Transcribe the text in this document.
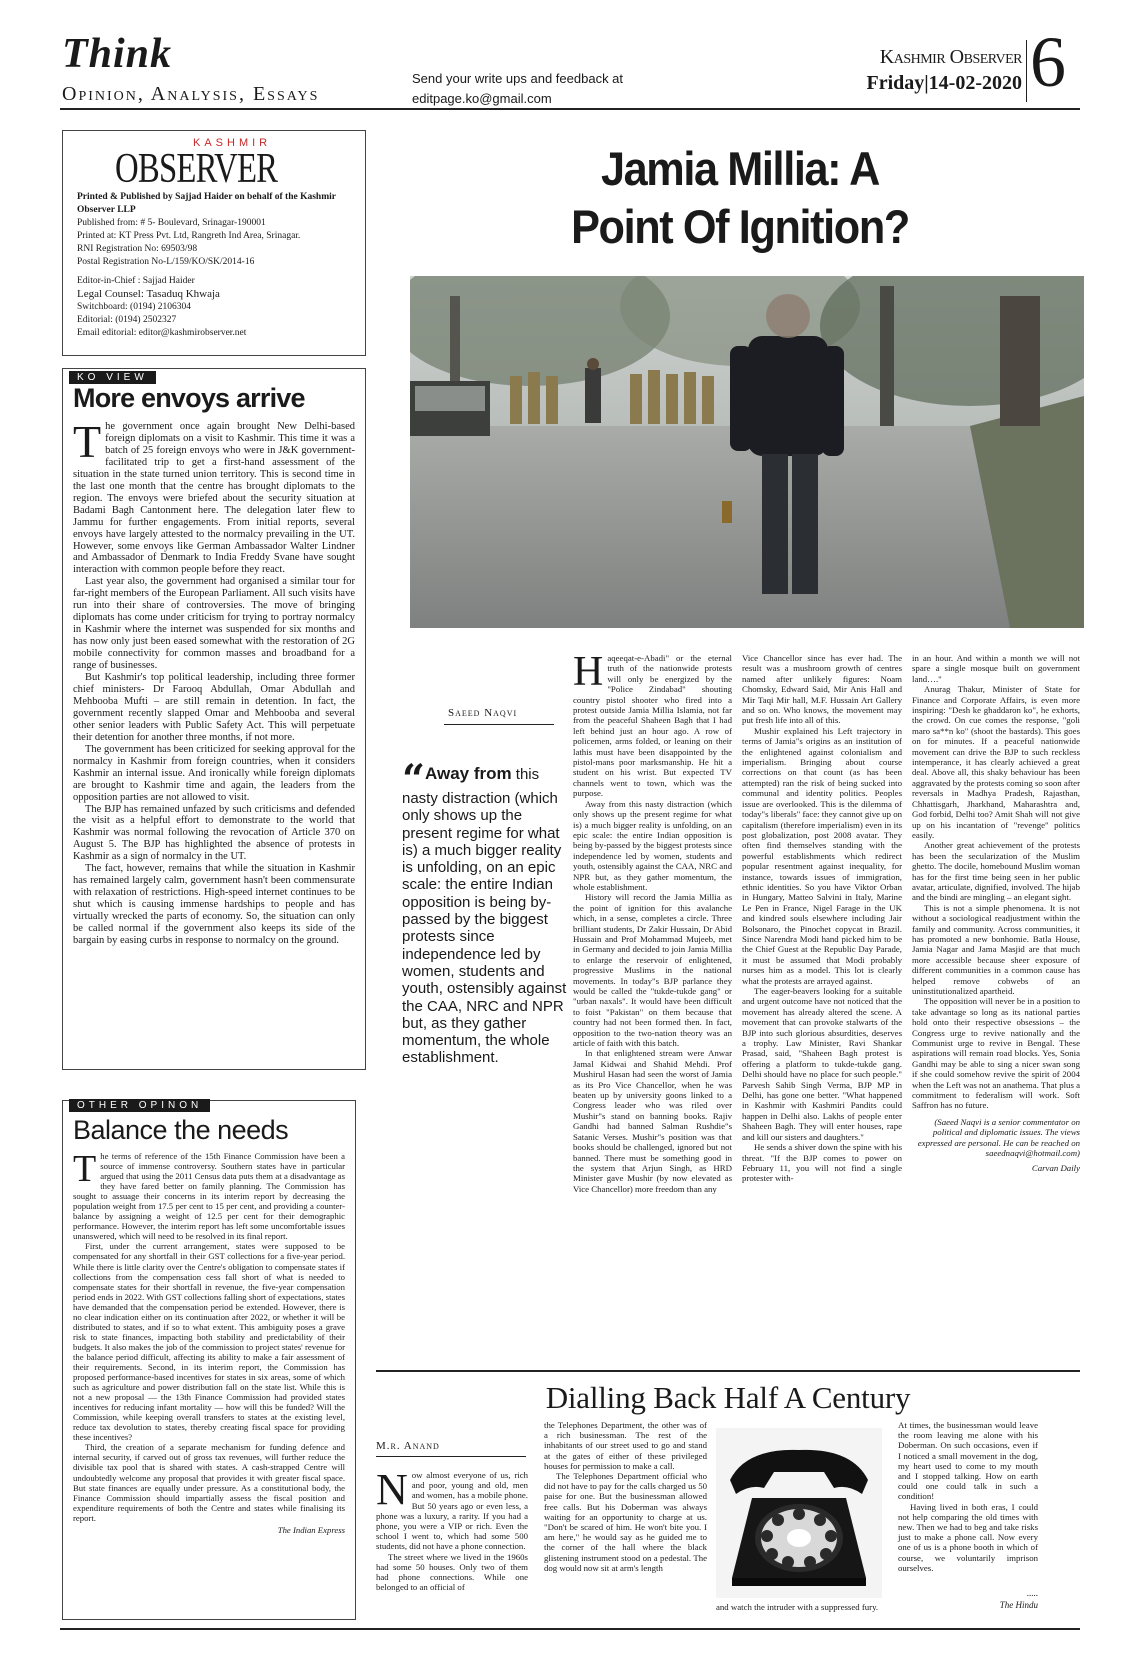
Think
Opinion, Analysis, Essays
Send your write ups and feedback at
editpage.ko@gmail.com
Kashmir Observer
Friday|14-02-2020 6
KASHMIR
OBSERVER
Printed & Published by Sajjad Haider on behalf of the Kashmir Observer LLP
Published from: # 5- Boulevard, Srinagar-190001
Printed at: KT Press Pvt. Ltd, Rangreth Ind Area, Srinagar.
RNI Registration No: 69503/98
Postal Registration No-L/159/KO/SK/2014-16
Editor-in-Chief : Sajjad Haider
Legal Counsel: Tasaduq Khwaja
Switchboard: (0194) 2106304
Editorial: (0194) 2502327
Email editorial: editor@kashmirobserver.net
KO VIEW
More envoys arrive
T he government once again brought New Delhi-based foreign diplomats on a visit to Kashmir. This time it was a batch of 25 foreign envoys who were in J&K government-facilitated trip to get a first-hand assessment of the situation in the state turned union territory. This is second time in the last one month that the centre has brought diplomats to the region. The envoys were briefed about the security situation at Badami Bagh Cantonment here. The delegation later flew to Jammu for further engagements. From initial reports, several envoys have largely attested to the normalcy prevailing in the UT. However, some envoys like German Ambassador Walter Lindner and Ambassador of Denmark to India Freddy Svane have sought interaction with common people before they react.

Last year also, the government had organised a similar tour for far-right members of the European Parliament. All such visits have run into their share of controversies. The move of bringing diplomats has come under criticism for trying to portray normalcy in Kashmir where the internet was suspended for six months and has now only just been eased somewhat with the restoration of 2G mobile connectivity for common masses and broadband for a range of businesses.

But Kashmir's top political leadership, including three former chief ministers- Dr Farooq Abdullah, Omar Abdullah and Mehbooba Mufti – are still remain in detention. In fact, the government recently slapped Omar and Mehbooba and several other senior leaders with Public Safety Act. This will perpetuate their detention for another three months, if not more.

The government has been criticized for seeking approval for the normalcy in Kashmir from foreign countries, when it considers Kashmir an internal issue. And ironically while foreign diplomats are brought to Kashmir time and again, the leaders from the opposition parties are not allowed to visit.

The BJP has remained unfazed by such criticisms and defended the visit as a helpful effort to demonstrate to the world that Kashmir was normal following the revocation of Article 370 on August 5. The BJP has highlighted the absence of protests in Kashmir as a sign of normalcy in the UT.

The fact, however, remains that while the situation in Kashmir has remained largely calm, government hasn't been commensurate with relaxation of restrictions. High-speed internet continues to be shut which is causing immense hardships to people and has virtually wrecked the parts of economy. So, the situation can only be called normal if the government also keeps its side of the bargain by easing curbs in response to normalcy on the ground.

OTHER OPINON
Balance the needs
T he terms of reference of the 15th Finance Commission have been a source of immense controversy. Southern states have in particular argued that using the 2011 Census data puts them at a disadvantage as they have fared better on family planning. The Commission has sought to assuage their concerns in its interim report by decreasing the population weight from 17.5 per cent to 15 per cent, and providing a counter-balance by assigning a weight of 12.5 per cent for their demographic performance. However, the interim report has left some uncomfortable issues unanswered, which will need to be resolved in its final report.

First, under the current arrangement, states were supposed to be compensated for any shortfall in their GST collections for a five-year period. While there is little clarity over the Centre's obligation to compensate states if collections from the compensation cess fall short of what is needed to compensate states for their shortfall in revenue, the five-year compensation period ends in 2022. With GST collections falling short of expectations, states have demanded that the compensation period be extended. However, there is no clear indication either on its continuation after 2022, or whether it will be distributed to states, and if so to what extent. This ambiguity poses a grave risk to state finances, impacting both stability and predictability of their budgets. It also makes the job of the commission to project states' revenue for the balance period difficult, affecting its ability to make a fair assessment of their requirements. Second, in its interim report, the Commission has proposed performance-based incentives for states in six areas, some of which such as agriculture and power distribution fall on the state list. While this is not a new proposal — the 13th Finance Commission had provided states incentives for reducing infant mortality — how will this be funded? Will the Commission, while keeping overall transfers to states at the existing level, reduce tax devolution to states, thereby creating fiscal space for providing these incentives?

Third, the creation of a separate mechanism for funding defence and internal security, if carved out of gross tax revenues, will further reduce the divisible tax pool that is shared with states. A cash-strapped Centre will undoubtedly welcome any proposal that provides it with greater fiscal space. But state finances are equally under pressure. As a constitutional body, the Finance Commission should impartially assess the fiscal position and expenditure requirements of both the Centre and states while finalising its report.

The Indian Express

Jamia Millia: A
Point Of Ignition?
Saeed Naqvi
“Away from this nasty distraction (which only shows up the present regime for what is) a much bigger reality is unfolding, on an epic scale: the entire Indian opposition is being by-passed by the biggest protests since independence led by women, students and youth, ostensibly against the CAA, NRC and NPR but, as they gather momentum, the whole establishment.
H aqeeqat-e-Abadi" or the eternal truth of the nationwide protests will only be energized by the "Police Zindabad" shouting country pistol shooter who fired into a protest outside Jamia Millia Islamia, not far from the peaceful Shaheen Bagh that I had left behind just an hour ago. A row of policemen, arms folded, or leaning on their lathis must have been disappointed by the pistol-mans poor marksmanship. He hit a student on his wrist. But expected TV channels went to town, which was the purpose.

Away from this nasty distraction (which only shows up the present regime for what is) a much bigger reality is unfolding, on an epic scale: the entire Indian opposition is being by-passed by the biggest protests since independence led by women, students and youth, ostensibly against the CAA, NRC and NPR but, as they gather momentum, the whole establishment.

History will record the Jamia Millia as the point of ignition for this avalanche which, in a sense, completes a circle. Three brilliant students, Dr Zakir Hussain, Dr Abid Hussain and Prof Mohammad Mujeeb, met in Germany and decided to join Jamia Millia to enlarge the reservoir of enlightened, progressive Muslims in the national movements. In today"s BJP parlance they would be called the "tukde-tukde gang" or "urban naxals". It would have been difficult to foist "Pakistan" on them because that country had not been formed then. In fact, opposition to the two-nation theory was an article of faith with this batch.

In that enlightened stream were Anwar Jamal Kidwai and Shahid Mehdi. Prof Mushirul Hasan had seen the worst of Jamia as its Pro Vice Chancellor, when he was beaten up by university goons linked to a Congress leader who was riled over Mushir"s stand on banning books. Rajiv Gandhi had banned Salman Rushdie"s Satanic Verses. Mushir"s position was that books should be challenged, ignored but not banned. There must be something good in the system that Arjun Singh, as HRD Minister gave Mushir (by now elevated as Vice Chancellor) more freedom than any

Vice Chancellor since has ever had. The result was a mushroom growth of centres named after unlikely figures: Noam Chomsky, Edward Said, Mir Anis Hall and Mir Taqi Mir hall, M.F. Hussain Art Gallery and so on. Who knows, the movement may put fresh life into all of this.

Mushir explained his Left trajectory in terms of Jamia"s origins as an institution of the enlightened against colonialism and imperialism. Bringing about course corrections on that count (as has been attempted) ran the risk of being sucked into communal and identity politics. Peoples issue are overlooked. This is the dilemma of today"s liberals" face: they cannot give up on capitalism (therefore imperialism) even in its post globalization, post 2008 avatar. They often find themselves standing with the powerful establishments which redirect popular resentment against inequality, for instance, towards issues of immigration, ethnic identities. So you have Viktor Orban in Hungary, Matteo Salvini in Italy, Marine Le Pen in France, Nigel Farage in the UK and kindred souls elsewhere including Jair Bolsonaro, the Pinochet copycat in Brazil. Since Narendra Modi hand picked him to be the Chief Guest at the Republic Day Parade, it must be assumed that Modi probably nurses him as a model. This lot is clearly what the protests are arrayed against.

The eager-beavers looking for a suitable and urgent outcome have not noticed that the movement has already altered the scene. A movement that can provoke stalwarts of the BJP into such glorious absurdities, deserves a trophy. Law Minister, Ravi Shankar Prasad, said, "Shaheen Bagh protest is offering a platform to tukde-tukde gang. Delhi should have no place for such people." Parvesh Sahib Singh Verma, BJP MP in Delhi, has gone one better. "What happened in Kashmir with Kashmiri Pandits could happen in Delhi also. Lakhs of people enter Shaheen Bagh. They will enter houses, rape and kill our sisters and daughters."

He sends a shiver down the spine with his threat. "If the BJP comes to power on February 11, you will not find a single protester with-

in an hour. And within a month we will not spare a single mosque built on government land…."

Anurag Thakur, Minister of State for Finance and Corporate Affairs, is even more inspiring: "Desh ke ghaddaron ko", he exhorts, the crowd. On cue comes the response, "goli maro sa**n ko" (shoot the bastards). This goes on for minutes. If a peaceful nationwide movement can drive the BJP to such reckless intemperance, it has clearly achieved a great deal. Above all, this shaky behaviour has been aggravated by the protests coming so soon after reversals in Madhya Pradesh, Rajasthan, Chhattisgarh, Jharkhand, Maharashtra and, God forbid, Delhi too? Amit Shah will not give up on his incantation of "revenge" politics easily.

Another great achievement of the protests has been the secularization of the Muslim ghetto. The docile, homebound Muslim woman has for the first time being seen in her public avatar, articulate, dignified, involved. The hijab and the bindi are mingling – an elegant sight.

This is not a simple phenomena. It is not without a sociological readjustment within the family and community. Across communities, it has promoted a new bonhomie. Batla House, Jamia Nagar and Jama Masjid are that much more accessible because sheer exposure of different communities in a common cause has helped remove cobwebs of an uninstitutionalized apartheid.

The opposition will never be in a position to take advantage so long as its national parties hold onto their respective obsessions – the Congress urge to revive nationally and the Communist urge to revive in Bengal. These aspirations will remain road blocks. Yes, Sonia Gandhi may be able to sing a nicer swan song if she could somehow revive the spirit of 2004 when the Left was not an anathema. That plus a commitment to federalism will work. Soft Saffron has no future.

(Saeed Naqvi is a senior commentator on political and diplomatic issues. The views expressed are personal. He can be reached on saeednaqvi@hotmail.com)

Carvan Daily

Dialling Back Half A Century
M.r. Anand
N ow almost everyone of us, rich and poor, young and old, men and women, has a mobile phone. But 50 years ago or even less, a phone was a luxury, a rarity. If you had a phone, you were a VIP or rich. Even the school I went to, which had some 500 students, did not have a phone connection.

The street where we lived in the 1960s had some 50 houses. Only two of them had phone connections. While one belonged to an official of

the Telephones Department, the other was of a rich businessman. The rest of the inhabitants of our street used to go and stand at the gates of either of these privileged houses for permission to make a call.

The Telephones Department official who did not have to pay for the calls charged us 50 paise for one. But the businessman allowed free calls. But his Doberman was always waiting for an opportunity to charge at us. "Don't be scared of him. He won't bite you. I am here," he would say as he guided me to the corner of the hall where the black glistening instrument stood on a pedestal. The dog would now sit at arm's length

and watch the intruder with a suppressed fury.

At times, the businessman would leave the room leaving me alone with his Doberman. On such occasions, even if I noticed a small movement in the dog, my heart used to come to my mouth and I stopped talking. How on earth could one could talk in such a condition!

Having lived in both eras, I could not help comparing the old times with new. Then we had to beg and take risks just to make a phone call. Now every one of us is a phone booth in which of course, we voluntarily imprison ourselves.

.....
The Hindu
